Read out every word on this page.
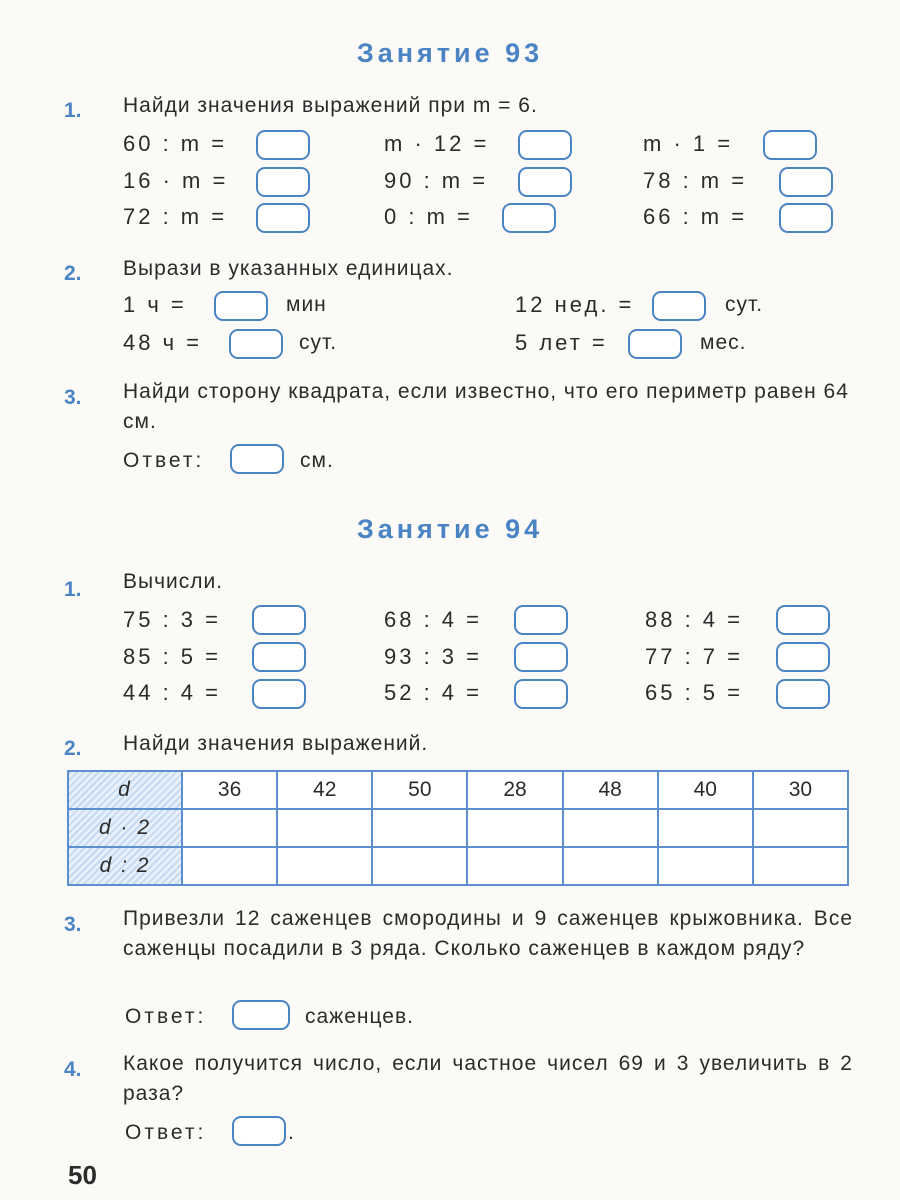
Занятие 93
1. Найди значения выражений при m = 6.
60 : m =	m · 12 =	m · 1 =
16 · m =	90 : m =	78 : m =
72 : m =	0 : m =	66 : m =
2. Вырази в указанных единицах.
1 ч =	мин	12 нед. =	сут.
48 ч =	сут.	5 лет =	мес.
3. Найди сторону квадрата, если известно, что его периметр равен 64 см.
Ответ:	см.
Занятие 94
1. Вычисли.
75 : 3 =	68 : 4 =	88 : 4 =
85 : 5 =	93 : 3 =	77 : 7 =
44 : 4 =	52 : 4 =	65 : 5 =
2. Найди значения выражений.
d	36	42	50	28	48	40	30
d · 2							
d : 2							
3. Привезли 12 саженцев смородины и 9 саженцев крыжовника. Все саженцы посадили в 3 ряда. Сколько саженцев в каждом ряду?
Ответ:	саженцев.
4. Какое получится число, если частное чисел 69 и 3 увеличить в 2 раза?
Ответ:	.
50
